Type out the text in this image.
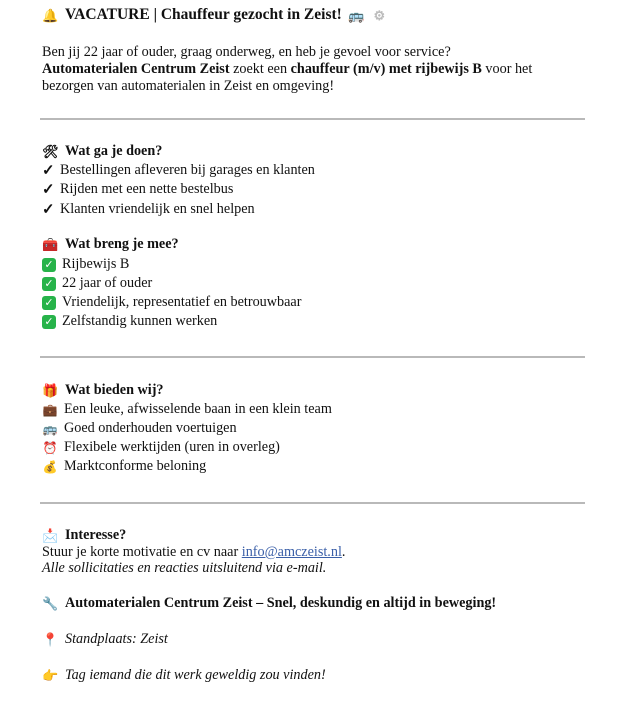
🔔 VACATURE | Chauffeur gezocht in Zeist! 🚌 ⚙
Ben jij 22 jaar of ouder, graag onderweg, en heb je gevoel voor service?
Automaterialen Centrum Zeist zoekt een chauffeur (m/v) met rijbewijs B voor het
bezorgen van automaterialen in Zeist en omgeving!
🛠 Wat ga je doen?
✓ Bestellingen afleveren bij garages en klanten
✓ Rijden met een nette bestelbus
✓ Klanten vriendelijk en snel helpen
🧰 Wat breng je mee?
✓ Rijbewijs B
✓ 22 jaar of ouder
✓ Vriendelijk, representatief en betrouwbaar
✓ Zelfstandig kunnen werken
🎁 Wat bieden wij?
💼 Een leuke, afwisselende baan in een klein team
🚌 Goed onderhouden voertuigen
⏰ Flexibele werktijden (uren in overleg)
💰 Marktconforme beloning
📩 Interesse?
Stuur je korte motivatie en cv naar info@amczeist.nl.
Alle sollicitaties en reacties uitsluitend via e-mail.
🔧 Automaterialen Centrum Zeist – Snel, deskundig en altijd in beweging!
📍 Standplaats: Zeist
👉 Tag iemand die dit werk geweldig zou vinden!
